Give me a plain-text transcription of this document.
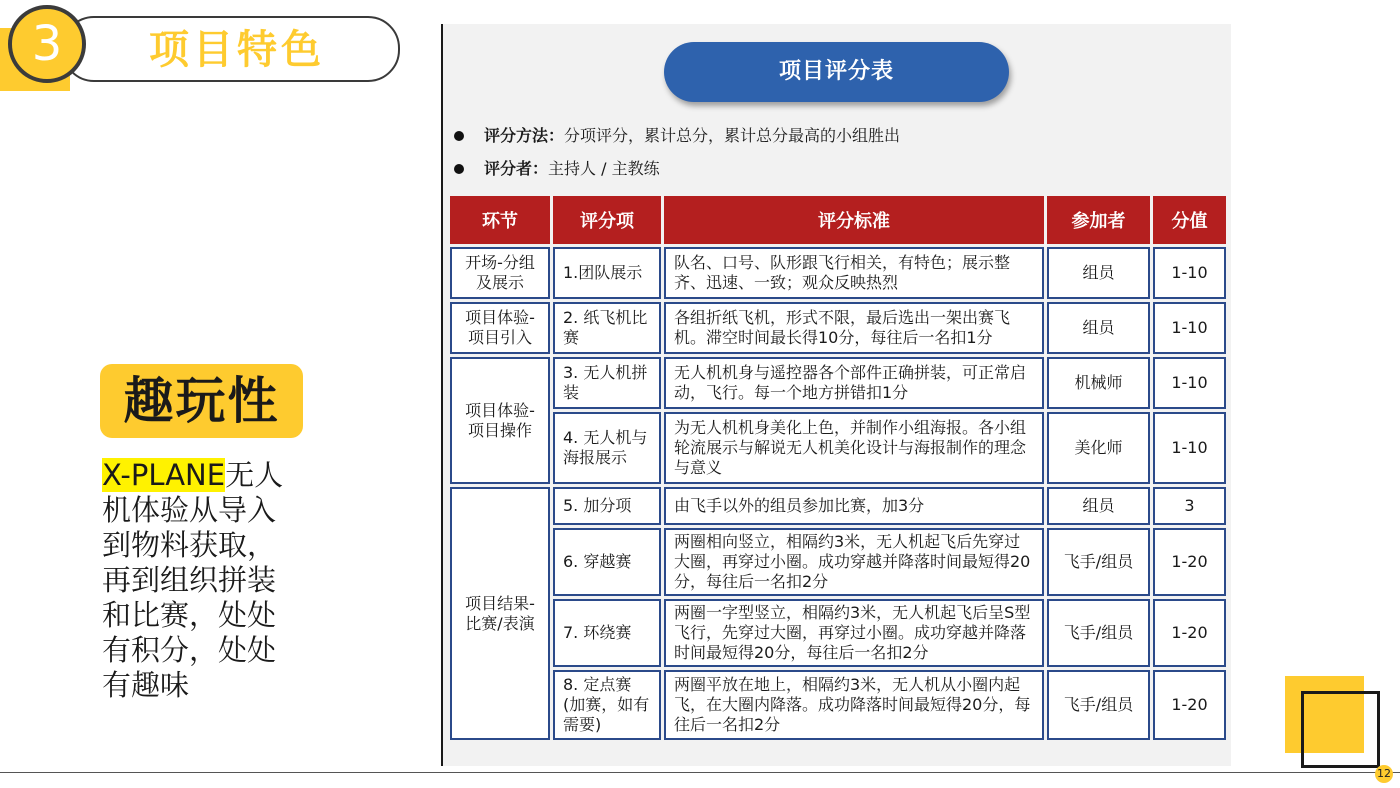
3	项目特色
趣玩性
X-PLANE无人机体验从导入到物料获取，再到组织拼装和比赛，处处有积分，处处有趣味
项目评分表
评分方法：分项评分，累计总分，累计总分最高的小组胜出
评分者：主持人 / 主教练
环节	评分项	评分标准	参加者	分值
开场-分组及展示	1.团队展示	队名、口号、队形跟飞行相关，有特色；展示整齐、迅速、一致；观众反映热烈	组员	1-10
项目体验-项目引入	2. 纸飞机比赛	各组折纸飞机，形式不限，最后选出一架出赛飞机。滞空时间最长得10分，每往后一名扣1分	组员	1-10
项目体验-项目操作	3. 无人机拼装	无人机机身与遥控器各个部件正确拼装，可正常启动，飞行。每一个地方拼错扣1分	机械师	1-10
	4. 无人机与海报展示	为无人机机身美化上色，并制作小组海报。各小组轮流展示与解说无人机美化设计与海报制作的理念与意义	美化师	1-10
项目结果-比赛/表演	5. 加分项	由飞手以外的组员参加比赛，加3分	组员	3
	6. 穿越赛	两圈相向竖立，相隔约3米，无人机起飞后先穿过大圈，再穿过小圈。成功穿越并降落时间最短得20分，每往后一名扣2分	飞手/组员	1-20
	7. 环绕赛	两圈一字型竖立，相隔约3米，无人机起飞后呈S型飞行，先穿过大圈，再穿过小圈。成功穿越并降落时间最短得20分，每往后一名扣2分	飞手/组员	1-20
	8. 定点赛(加赛，如有需要)	两圈平放在地上，相隔约3米，无人机从小圈内起飞，在大圈内降落。成功降落时间最短得20分，每往后一名扣2分	飞手/组员	1-20
12
